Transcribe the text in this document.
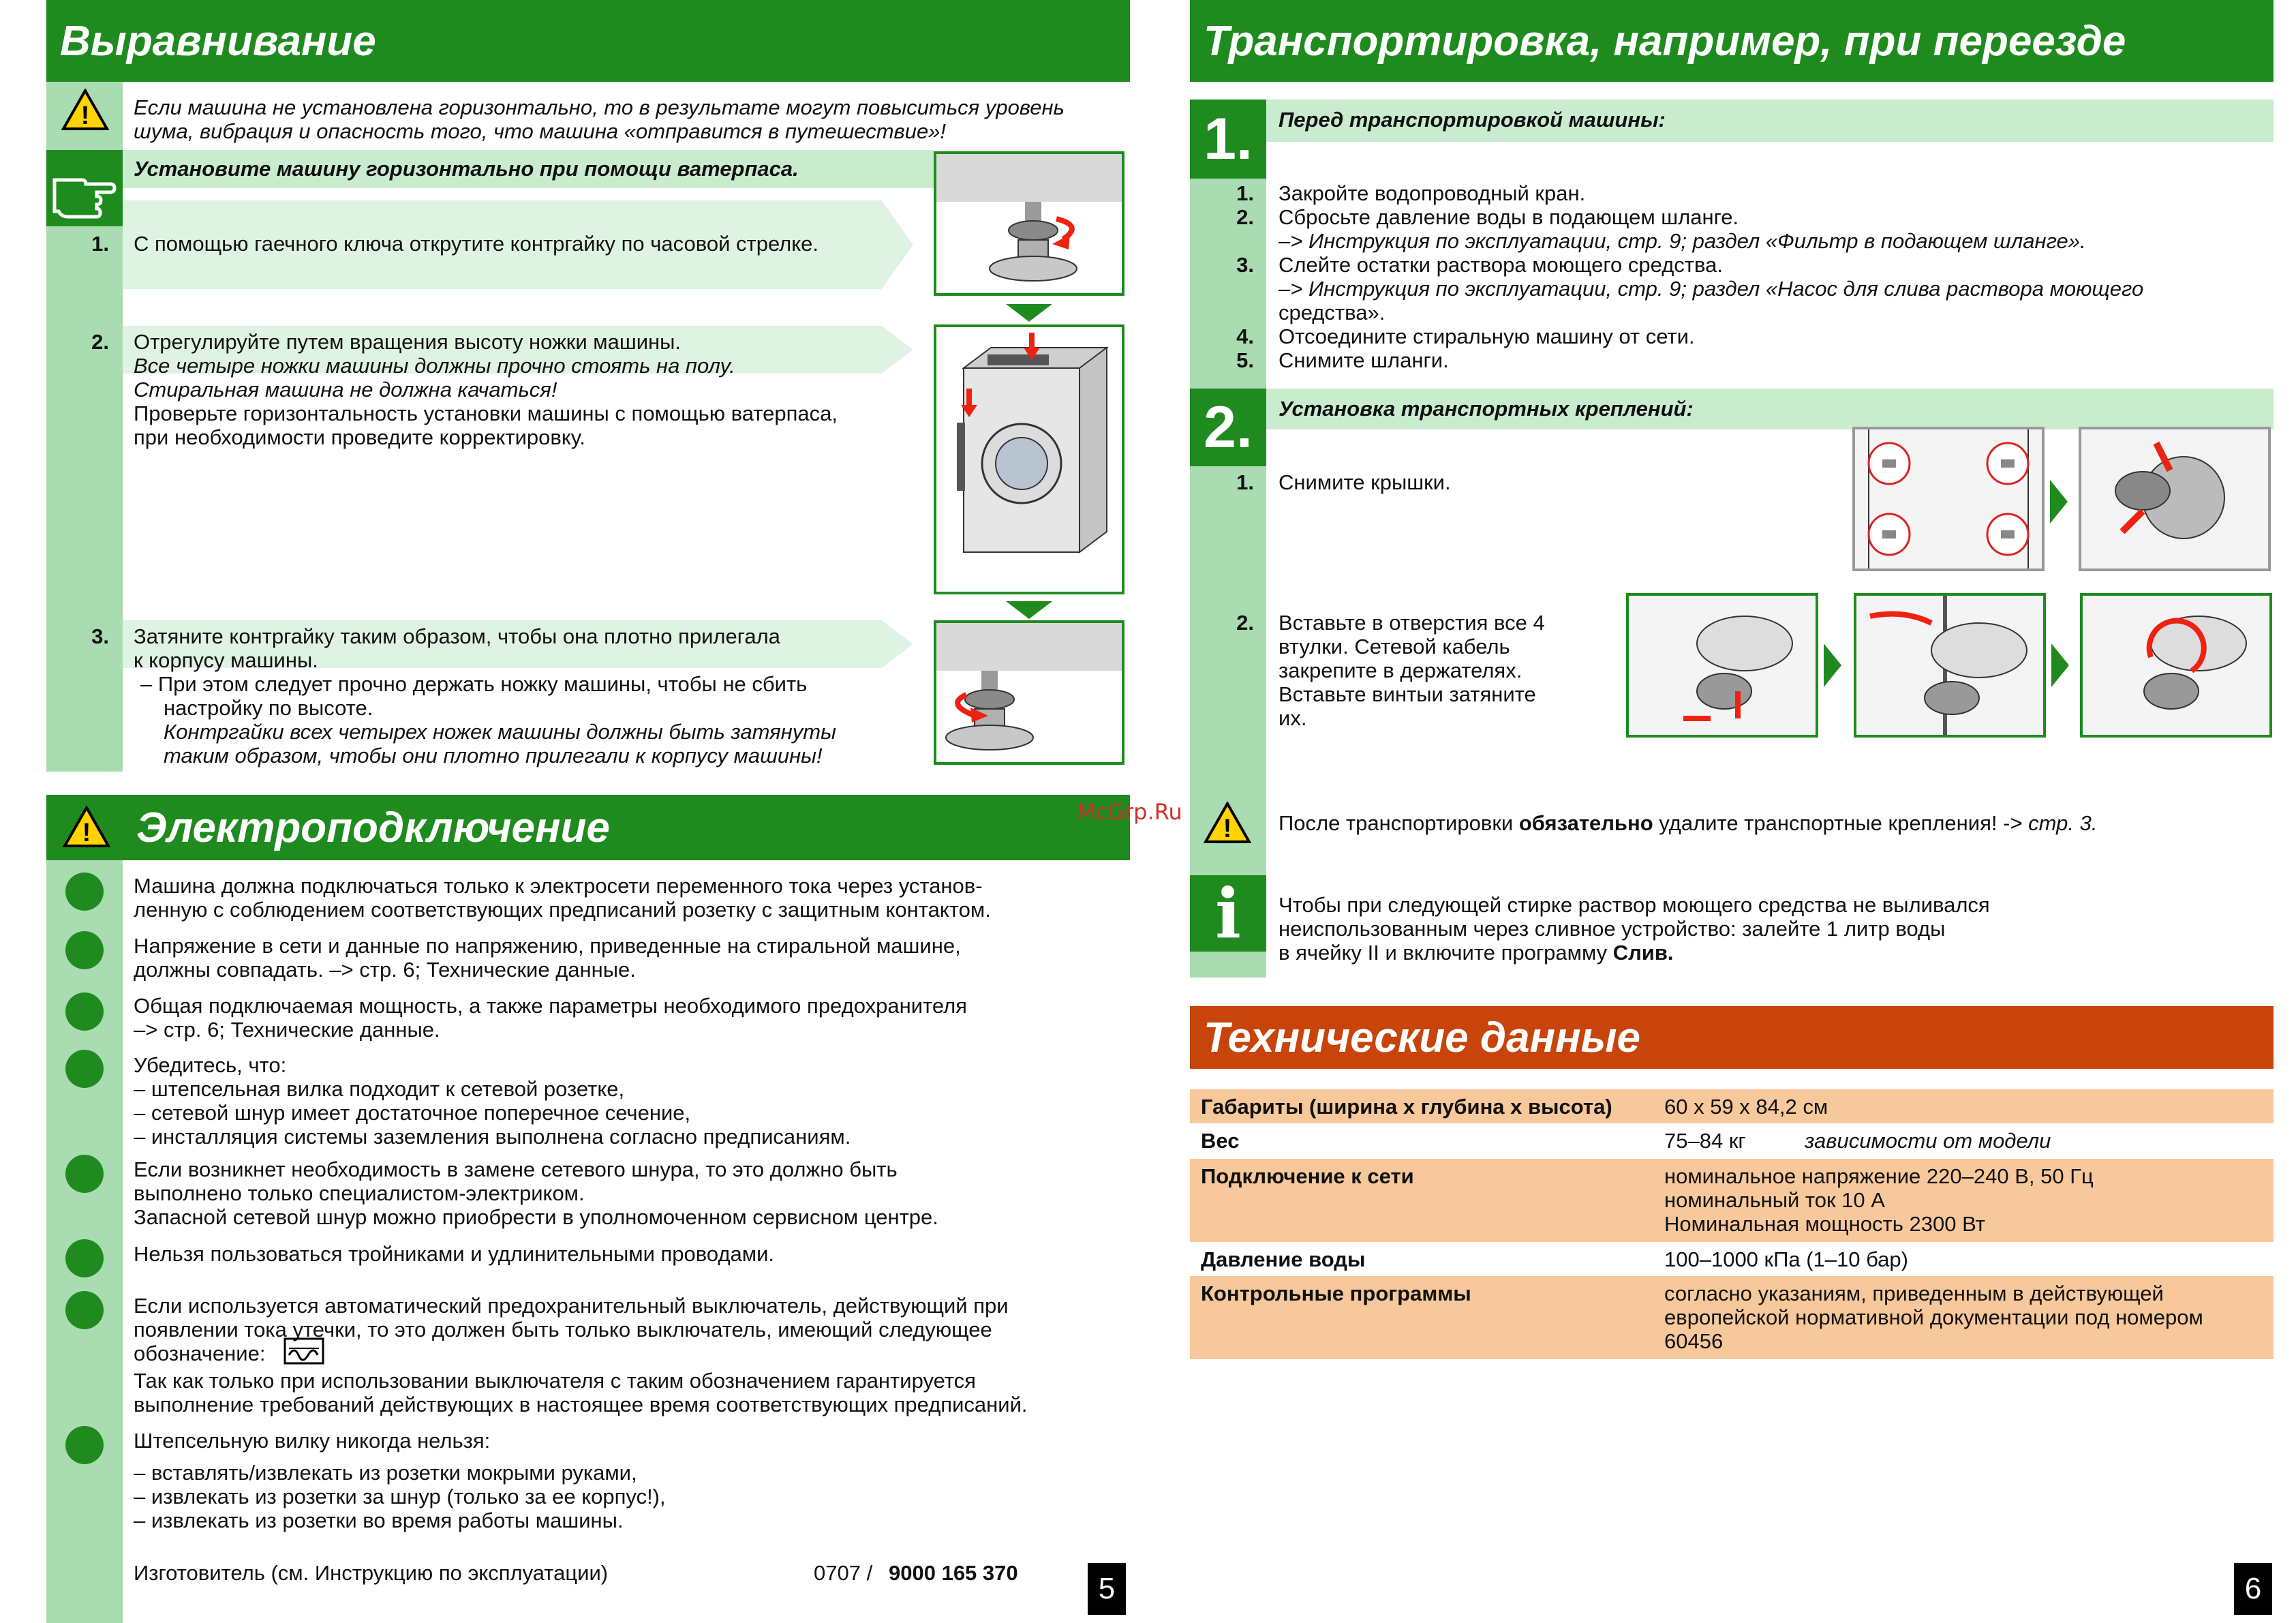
Выравнивание
! Если машина не установлена горизонтально, то в результате могут повыситься уровень
шума, вибрация и опасность того, что машина «отправится в путешествие»!
Установите машину горизонтально при помощи ватерпаса.
1. С помощью гаечного ключа открутите контргайку по часовой стрелке.
2. Отрегулируйте путем вращения высоту ножки машины.
Все четыре ножки машины должны прочно стоять на полу.
Стиральная машина не должна качаться!
Проверьте горизонтальность установки машины с помощью ватерпаса,
при необходимости проведите корректировку.
3. Затяните контргайку таким образом, чтобы она плотно прилегала
к корпусу машины.
– При этом следует прочно держать ножку машины, чтобы не сбить
настройку по высоте.
Контргайки всех четырех ножек машины должны быть затянуты
таким образом, чтобы они плотно прилегали к корпусу машины!
Электроподключение
!
McGrp.Ru
Машина должна подключаться только к электросети переменного тока через установ-
ленную с соблюдением соответствующих предписаний розетку с защитным контактом.
Напряжение в сети и данные по напряжению, приведенные на стиральной машине,
должны совпадать. –> стр. 6; Технические данные.
Общая подключаемая мощность, а также параметры необходимого предохранителя
–> стр. 6; Технические данные.
Убедитесь, что:
– штепсельная вилка подходит к сетевой розетке,
– сетевой шнур имеет достаточное поперечное сечение,
– инсталляция системы заземления выполнена согласно предписаниям.
Если возникнет необходимость в замене сетевого шнура, то это должно быть
выполнено только специалистом-электриком.
Запасной сетевой шнур можно приобрести в уполномоченном сервисном центре.
Нельзя пользоваться тройниками и удлинительными проводами.
Если используется автоматический предохранительный выключатель, действующий при
появлении тока утечки, то это должен быть только выключатель, имеющий следующее
обозначение:
Так как только при использовании выключателя с таким обозначением гарантируется
выполнение требований действующих в настоящее время соответствующих предписаний.
Штепсельную вилку никогда нельзя:
– вставлять/извлекать из розетки мокрыми руками,
– извлекать из розетки за шнур (только за ее корпус!),
– извлекать из розетки во время работы машины.
Изготовитель (см. Инструкцию по эксплуатации)	0707 / 9000 165 370	5
Транспортировка, например, при переезде
1.	Перед транспортировкой машины:
1. Закройте водопроводный кран.
2. Сбросьте давление воды в подающем шланге.
–> Инструкция по эксплуатации, стр. 9; раздел «Фильтр в подающем шланге».
3. Слейте остатки раствора моющего средства.
–> Инструкция по эксплуатации, стр. 9; раздел «Насос для слива раствора моющего
средства».
4. Отсоедините стиральную машину от сети.
5. Снимите шланги.
2.	Установка транспортных креплений:
1. Снимите крышки.
2. Вставьте в отверстия все 4
втулки. Сетевой кабель
закрепите в держателях.
Вставьте винтыи затяните
их.
! После транспортировки обязательно удалите транспортные крепления! -> стр. 3.
i Чтобы при следующей стирке раствор моющего средства не выливался
неиспользованным через сливное устройство: залейте 1 литр воды
в ячейку II и включите программу Слив.
Технические данные
Габариты (ширина x глубина x высота) 60 x 59 x 84,2 см
Вес	75–84 кг	зависимости от модели
Подключение к сети	номинальное напряжение 220–240 В, 50 Гц
номинальный ток 10 А
Номинальная мощность 2300 Вт
Давление воды	100–1000 кПа (1–10 бар)
Контрольные программы	согласно указаниям, приведенным в действующей
европейской нормативной документации под номером
60456
6
